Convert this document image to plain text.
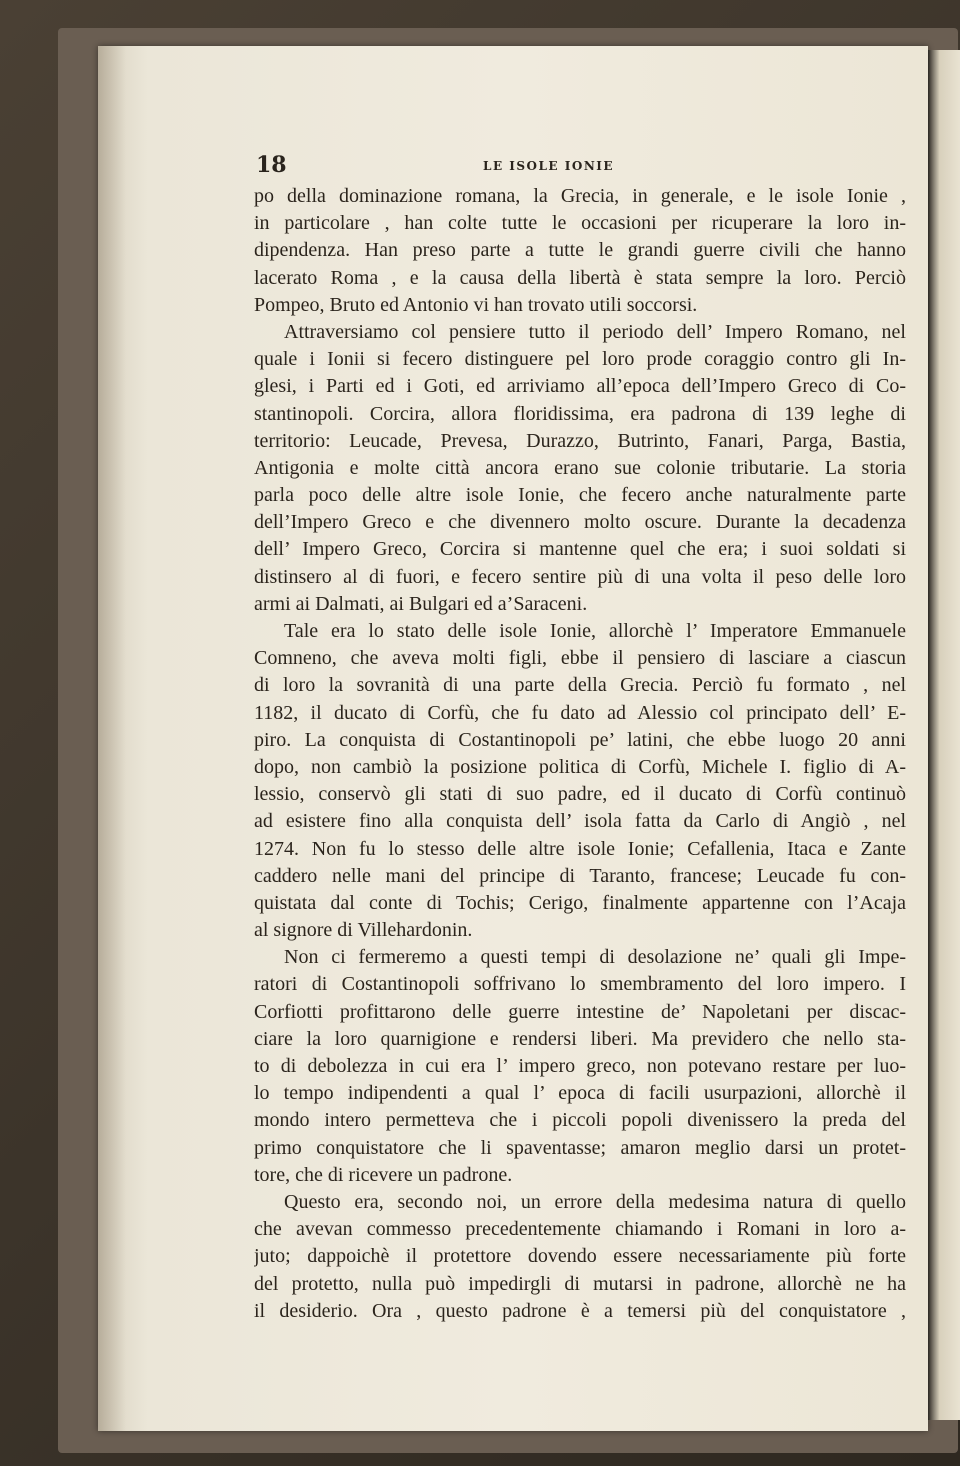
18	LE ISOLE IONIE
po della dominazione romana, la Grecia, in generale, e le isole Ionie ,
in particolare , han colte tutte le occasioni per ricuperare la loro in-
dipendenza. Han preso parte a tutte le grandi guerre civili che hanno
lacerato Roma , e la causa della libertà è stata sempre la loro. Perciò
Pompeo, Bruto ed Antonio vi han trovato utili soccorsi.
Attraversiamo col pensiere tutto il periodo dell’ Impero Romano, nel
quale i Ionii si fecero distinguere pel loro prode coraggio contro gli In-
glesi, i Parti ed i Goti, ed arriviamo all’epoca dell’Impero Greco di Co-
stantinopoli. Corcira, allora floridissima, era padrona di 139 leghe di
territorio: Leucade, Prevesa, Durazzo, Butrinto, Fanari, Parga, Bastia,
Antigonia e molte città ancora erano sue colonie tributarie. La storia
parla poco delle altre isole Ionie, che fecero anche naturalmente parte
dell’Impero Greco e che divennero molto oscure. Durante la decadenza
dell’ Impero Greco, Corcira si mantenne quel che era; i suoi soldati si
distinsero al di fuori, e fecero sentire più di una volta il peso delle loro
armi ai Dalmati, ai Bulgari ed a’Saraceni.
Tale era lo stato delle isole Ionie, allorchè l’ Imperatore Emmanuele
Comneno, che aveva molti figli, ebbe il pensiero di lasciare a ciascun
di loro la sovranità di una parte della Grecia. Perciò fu formato , nel
1182, il ducato di Corfù, che fu dato ad Alessio col principato dell’ E-
piro. La conquista di Costantinopoli pe’ latini, che ebbe luogo 20 anni
dopo, non cambiò la posizione politica di Corfù, Michele I. figlio di A-
lessio, conservò gli stati di suo padre, ed il ducato di Corfù continuò
ad esistere fino alla conquista dell’ isola fatta da Carlo di Angiò , nel
1274. Non fu lo stesso delle altre isole Ionie; Cefallenia, Itaca e Zante
caddero nelle mani del principe di Taranto, francese; Leucade fu con-
quistata dal conte di Tochis; Cerigo, finalmente appartenne con l’Acaja
al signore di Villehardonin.
Non ci fermeremo a questi tempi di desolazione ne’ quali gli Impe-
ratori di Costantinopoli soffrivano lo smembramento del loro impero. I
Corfiotti profittarono delle guerre intestine de’ Napoletani per discac-
ciare la loro quarnigione e rendersi liberi. Ma previdero che nello sta-
to di debolezza in cui era l’ impero greco, non potevano restare per luo-
lo tempo indipendenti a qual l’ epoca di facili usurpazioni, allorchè il
mondo intero permetteva che i piccoli popoli divenissero la preda del
primo conquistatore che li spaventasse; amaron meglio darsi un protet-
tore, che di ricevere un padrone.
Questo era, secondo noi, un errore della medesima natura di quello
che avevan commesso precedentemente chiamando i Romani in loro a-
juto; dappoichè il protettore dovendo essere necessariamente più forte
del protetto, nulla può impedirgli di mutarsi in padrone, allorchè ne ha
il desiderio. Ora , questo padrone è a temersi più del conquistatore ,
